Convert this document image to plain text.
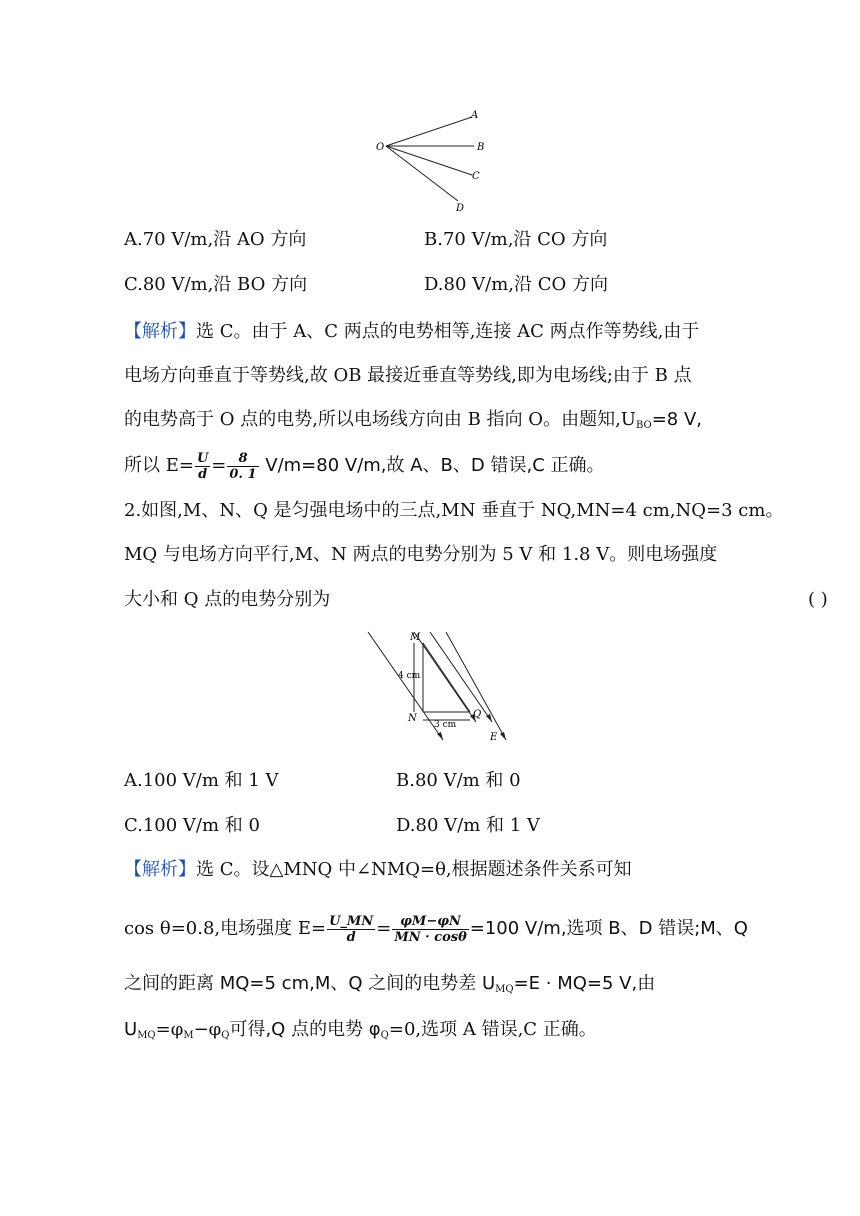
O
A
B
C
D
A.70 V/m,沿 AO 方向	B.70 V/m,沿 CO 方向
C.80 V/m,沿 BO 方向	D.80 V/m,沿 CO 方向
【解析】选 C。由于 A、C 两点的电势相等,连接 AC 两点作等势线,由于
电场方向垂直于等势线,故 OB 最接近垂直等势线,即为电场线;由于 B 点
的电势高于 O 点的电势,所以电场线方向由 B 指向 O。由题知$,U_{BO}=8$ V,
所以 $E= \frac{U}{d} = \frac{8}{0. 1} V/m=80$ V/m,故 A、B、D 错误,C 正确。
2.如图,M、N、Q 是匀强电场中的三点,MN 垂直于 NQ,MN=4 cm,NQ=3 cm。
MQ 与电场方向平行,M、N 两点的电势分别为 5 V 和 1.8 V。则电场强度
大小和 Q 点的电势分别为	( )
M
N	Q
E
4 cm
3 cm
A.100 V/m 和 1 V	B.80 V/m 和 0
C.100 V/m 和 0	D.80 V/m 和 1 V
【解析】选 C。设△MNQ 中∠NMQ=θ,根据题述条件关系可知
cos θ=0.8,电场强度 $E= \frac{U\_MN}{d} = \frac{\varphi M-\varphi N}{MN \cdot \cos\theta} =100$ V/m,选项 B、D 错误;M、Q
之间的距离 MQ=5 cm,M、Q 之间的电势差 $U_{MQ}=E \cdot MQ=5$ V,由
$U_{MQ}=\varphi_M-\varphi_Q$可得,Q 点的电势 $\varphi_Q=0$,选项 A 错误,C 正确。
